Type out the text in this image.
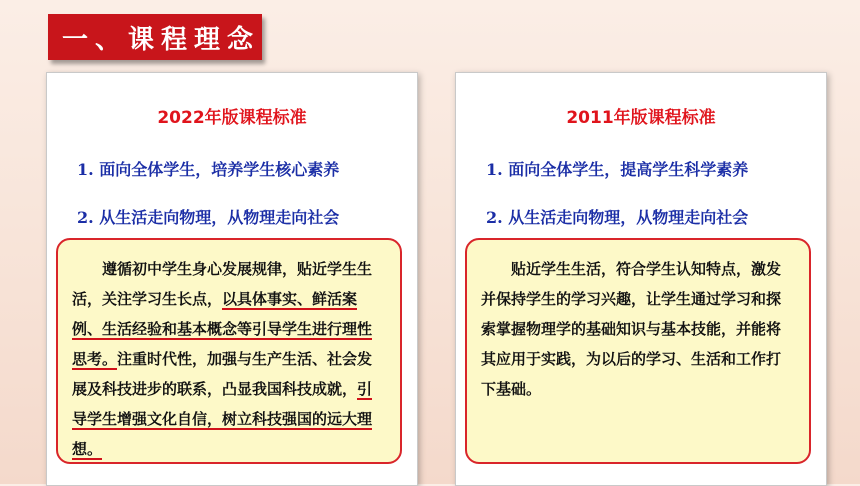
一、课程理念
2022年版课程标准
1. 面向全体学生，培养学生核心素养
2. 从生活走向物理，从物理走向社会
2011年版课程标准
1. 面向全体学生，提高学生科学素养
2. 从生活走向物理，从物理走向社会
遵循初中学生身心发展规律，贴近学生生活，关注学习生长点，以具体事实、鲜活案例、生活经验和基本概念等引导学生进行理性思考。注重时代性，加强与生产生活、社会发展及科技进步的联系，凸显我国科技成就，引导学生增强文化自信，树立科技强国的远大理想。
贴近学生生活，符合学生认知特点，激发并保持学生的学习兴趣，让学生通过学习和探索掌握物理学的基础知识与基本技能，并能将其应用于实践，为以后的学习、生活和工作打下基础。
